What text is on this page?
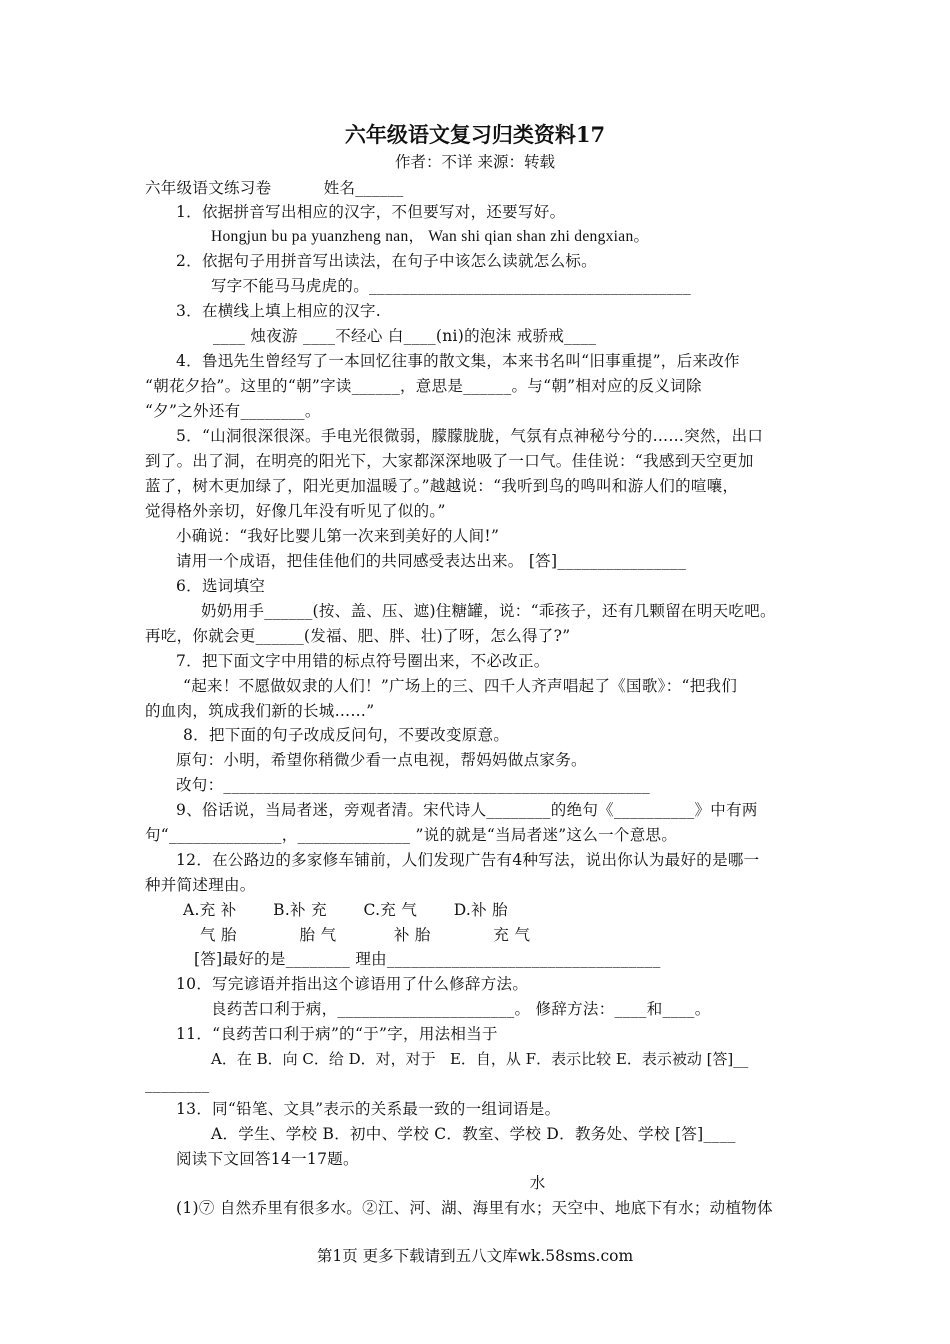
六年级语文复习归类资料17
作者：不详 来源：转载
六年级语文练习卷          姓名______
1．依据拼音写出相应的汉字，不但要写对，还要写好。
Hongjun bu pa yuanzheng nan， Wan shi qian shan zhi dengxian。
2．依据句子用拼音写出读法，在句子中该怎么读就怎么标。
写字不能马马虎虎的。________________________________________
3．在横线上填上相应的汉字.
____ 烛夜游 ____不经心 白____(ni)的泡沫 戒骄戒____
4．鲁迅先生曾经写了一本回忆往事的散文集，本来书名叫“旧事重提”，后来改作
“朝花夕拾”。这里的“朝”字读______，意思是______。与“朝”相对应的反义词除
“夕”之外还有________。
5．“山洞很深很深。手电光很微弱，朦朦胧胧，气氛有点神秘兮兮的……突然，出口
到了。出了洞，在明亮的阳光下，大家都深深地吸了一口气。佳佳说：“我感到天空更加
蓝了，树木更加绿了，阳光更加温暖了。”越越说：“我听到鸟的鸣叫和游人们的喧嚷，
觉得格外亲切，好像几年没有听见了似的。”
小确说：“我好比婴儿第一次来到美好的人间!”
请用一个成语，把佳佳他们的共同感受表达出来。 [答]________________
6．选词填空
奶奶用手______(按、盖、压、遮)住糖罐，说：“乖孩子，还有几颗留在明天吃吧。
再吃，你就会更______(发福、肥、胖、壮)了呀，怎么得了?”
7．把下面文字中用错的标点符号圈出来，不必改正。
“起来！不愿做奴隶的人们！”广场上的三、四千人齐声唱起了《国歌》：“把我们
的血肉，筑成我们新的长城……”
8．把下面的句子改成反问句，不要改变原意。
原句：小明，希望你稍微少看一点电视，帮妈妈做点家务。
改句：_____________________________________________________
9、俗话说，当局者迷，旁观者清。宋代诗人________的绝句《__________》中有两
句“______________，______________ ”说的就是“当局者迷”这么一个意思。
12．在公路边的多家修车铺前，人们发现广告有4种写法，说出你认为最好的是哪一
种并简述理由。
A.充 补       B.补 充       C.充 气       D.补 胎
气 胎            胎 气           补 胎            充 气
[答]最好的是________ 理由__________________________________
10．写完谚语并指出这个谚语用了什么修辞方法。
良药苦口利于病，______________________。 修辞方法：____和____。
11．“良药苦口利于病”的“于”字，用法相当于
A．在 B．向 C．给 D．对，对于   E．自，从 F．表示比较 E．表示被动 [答]__
________
13．同“铅笔、文具”表示的关系最一致的一组词语是。
A．学生、学校 B．初中、学校 C．教室、学校 D．教务处、学校 [答]____
阅读下文回答14一17题。
水
(1)⑦ 自然乔里有很多水。②江、河、湖、海里有水；天空中、地底下有水；动植物体
第1页 更多下载请到五八文库wk.58sms.com
